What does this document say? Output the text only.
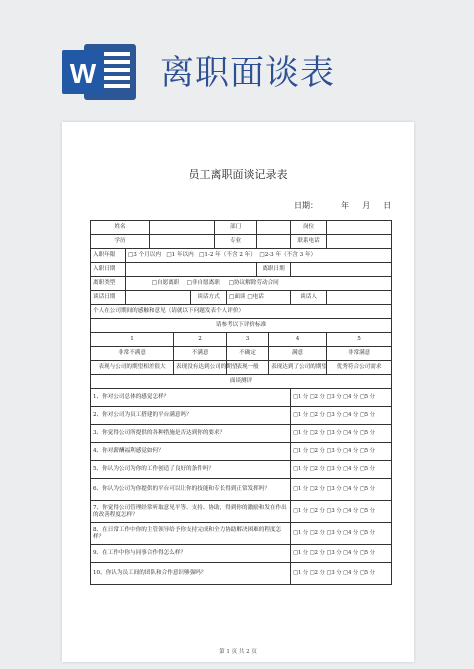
W 离职面谈表
员工离职面谈记录表
日期：	年 月 日
姓名					部门				岗位	
学历					专业				联系电话	
入职年限	□3 个月以内 □1 年以内 □1-2 年（不含 2 年） □2-3 年（不含 3 年）									
入职日期							离职日期			
离职类型	□自愿离职 □非自愿离职 □协议解除劳动合同									
谈话日期				谈话方式		□面谈 □电话			谈话人	
个人在公司期间的感触和意见（请就以下问题发表个人评价）										
请参考以下评价标准										
1			2			3		4		5
非常不满意			不满意			不确定		满意		非常满意
表现与公司的期望相差很大			表现没有达到公司的期望			表现一般		表现达到了公司的期望		优秀符合公司需求
面谈测评										
1、你对公司总体的感觉怎样？									□1 分 □2 分 □3 分 □4 分 □5 分	
2、你对公司为员工搭建的平台满意吗？									□1 分 □2 分 □3 分 □4 分 □5 分	
3、你觉得公司所提供的各种措施是否达到你的要求？									□1 分 □2 分 □3 分 □4 分 □5 分	
4、你对薪酬福利感觉如何？									□1 分 □2 分 □3 分 □4 分 □5 分	
5、你认为公司为你的工作创造了良好的条件吗？									□1 分 □2 分 □3 分 □4 分 □5 分	
6、你认为公司为你提供的平台可以让你的技能和专长得到正常发挥吗？									□1 分 □2 分 □3 分 □4 分 □5 分	
7、你觉得公司管理经常听取意见平等、支持、协助，得到你的激励和发在作出的改善程度怎样？									□1 分 □2 分 □3 分 □4 分 □5 分	
8、在日常工作中你的主管领导给予你支持完成和全力协助解决困难的程度怎样？									□1 分 □2 分 □3 分 □4 分 □5 分	
9、在工作中你与同事合作得怎么样？									□1 分 □2 分 □3 分 □4 分 □5 分	
10、你认为员工间的团队和合作意识够强吗？									□1 分 □2 分 □3 分 □4 分 □5 分	
第 1 页 共 2 页
